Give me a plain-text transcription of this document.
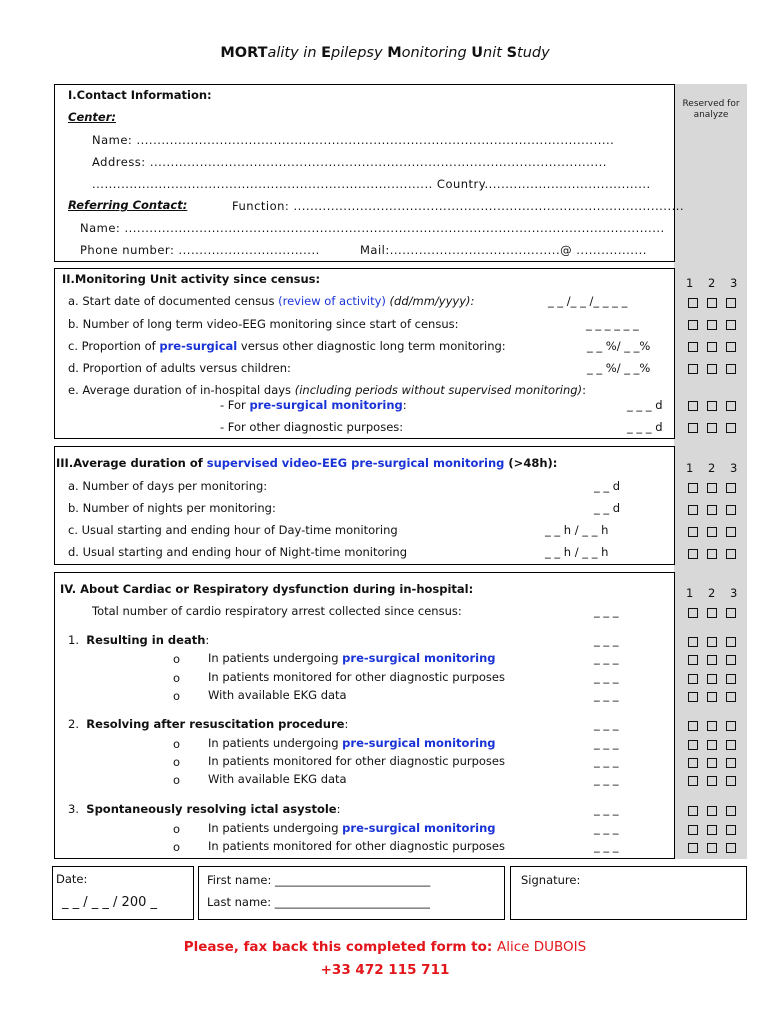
MORTality in Epilepsy Monitoring Unit Study
Reserved for analyze
I.Contact Information:
Center:
Name: ...................................................................................................................
Address: ..............................................................................................................
.................................................................................. Country........................................
Referring Contact:	Function: ..............................................................................................
Name: ..................................................................................................................................
Phone number: ..................................	Mail:.........................................@ .................
II.Monitoring Unit activity since census:	1 2 3
a. Start date of documented census (review of activity) (dd/mm/yyyy):	_ _ /_ _ /_ _ _ _
b. Number of long term video-EEG monitoring since start of census:	_ _ _ _ _ _
c. Proportion of pre-surgical versus other diagnostic long term monitoring:	_ _ %/ _ _%
d. Proportion of adults versus children:	_ _ %/ _ _%
e. Average duration of in-hospital days (including periods without supervised monitoring):
- For pre-surgical monitoring:	_ _ _ d
- For other diagnostic purposes:	_ _ _ d
III.Average duration of supervised video-EEG pre-surgical monitoring (>48h):	1 2 3
a. Number of days per monitoring:	_ _ d
b. Number of nights per monitoring:	_ _ d
c. Usual starting and ending hour of Day-time monitoring	_ _ h / _ _ h
d. Usual starting and ending hour of Night-time monitoring	_ _ h / _ _ h
IV. About Cardiac or Respiratory dysfunction during in-hospital:	1 2 3
Total number of cardio respiratory arrest collected since census:	_ _ _
1. Resulting in death:	_ _ _
o In patients undergoing pre-surgical monitoring	_ _ _
o In patients monitored for other diagnostic purposes	_ _ _
o With available EKG data	_ _ _
2. Resolving after resuscitation procedure:	_ _ _
o In patients undergoing pre-surgical monitoring	_ _ _
o In patients monitored for other diagnostic purposes	_ _ _
o With available EKG data	_ _ _
3. Spontaneously resolving ictal asystole:	_ _ _
o In patients undergoing pre-surgical monitoring	_ _ _
o In patients monitored for other diagnostic purposes	_ _ _
Date:
_ _ / _ _ / 200 _
First name: ___________________________
Last name: ___________________________
Signature:
Please, fax back this completed form to: Alice DUBOIS
+33 472 115 711
